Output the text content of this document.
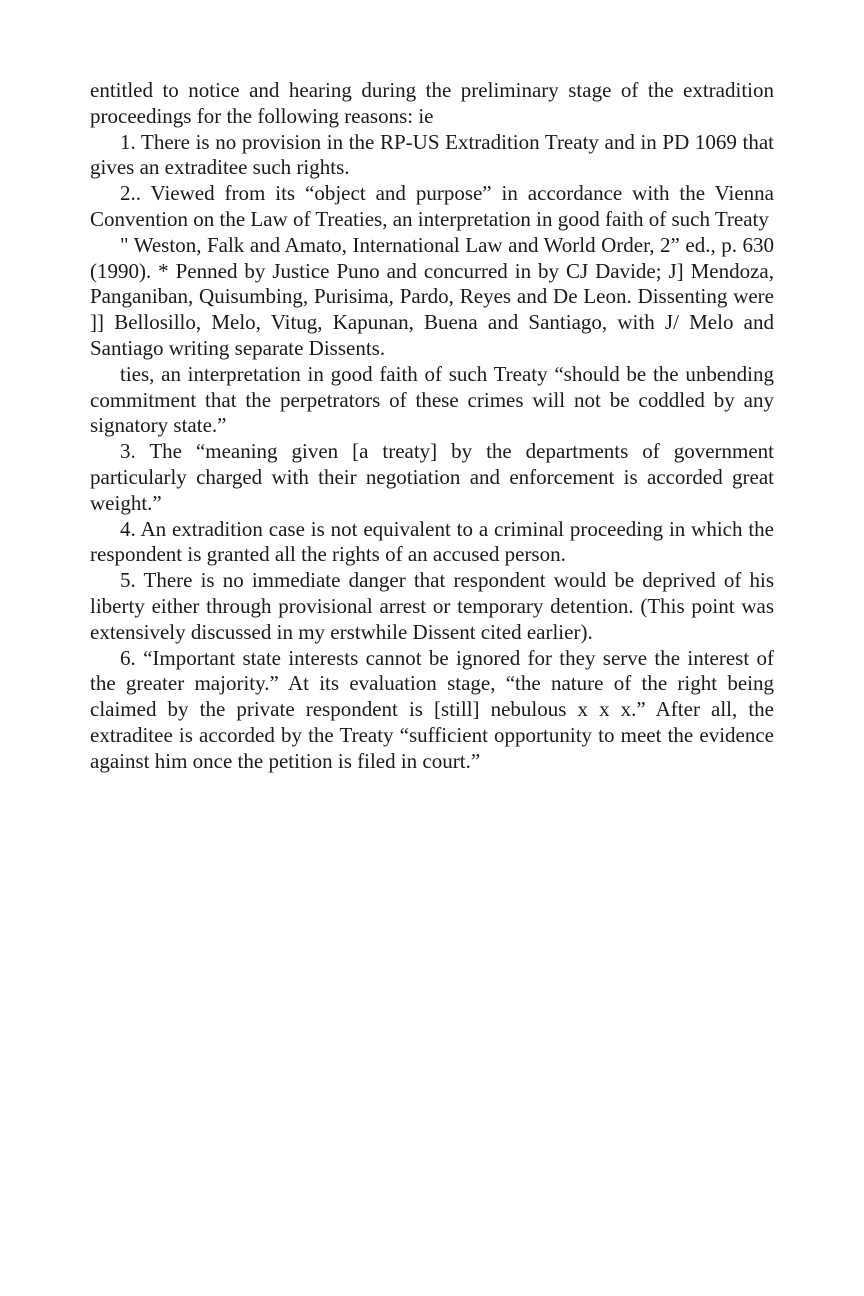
entitled to notice and hearing during the preliminary stage of the extradition proceedings for the following reasons: ie

1. There is no provision in the RP-US Extradition Treaty and in PD 1069 that gives an extraditee such rights.

2.. Viewed from its “object and purpose” in accordance with the Vienna Convention on the Law of Treaties, an interpretation in good faith of such Treaty

" Weston, Falk and Amato, International Law and World Order, 2” ed., p. 630 (1990). * Penned by Justice Puno and concurred in by CJ Davide; J] Mendoza, Panganiban, Quisumbing, Purisima, Pardo, Reyes and De Leon. Dissenting were ]] Bellosillo, Melo, Vitug, Kapunan, Buena and Santiago, with J/ Melo and Santiago writing separate Dissents.

ties, an interpretation in good faith of such Treaty “should be the unbending commitment that the perpetrators of these crimes will not be coddled by any signatory state.”

3. The “meaning given [a treaty] by the departments of government particularly charged with their negotiation and enforcement is accorded great weight.”

4. An extradition case is not equivalent to a criminal proceeding in which the respondent is granted all the rights of an accused person.

5. There is no immediate danger that respondent would be deprived of his liberty either through provisional arrest or temporary detention. (This point was extensively discussed in my erstwhile Dissent cited earlier).

6. “Important state interests cannot be ignored for they serve the interest of the greater majority.” At its evaluation stage, “the nature of the right being claimed by the private respondent is [still] nebulous x x x.” After all, the extraditee is accorded by the Treaty “sufficient opportunity to meet the evidence against him once the petition is filed in court.”
